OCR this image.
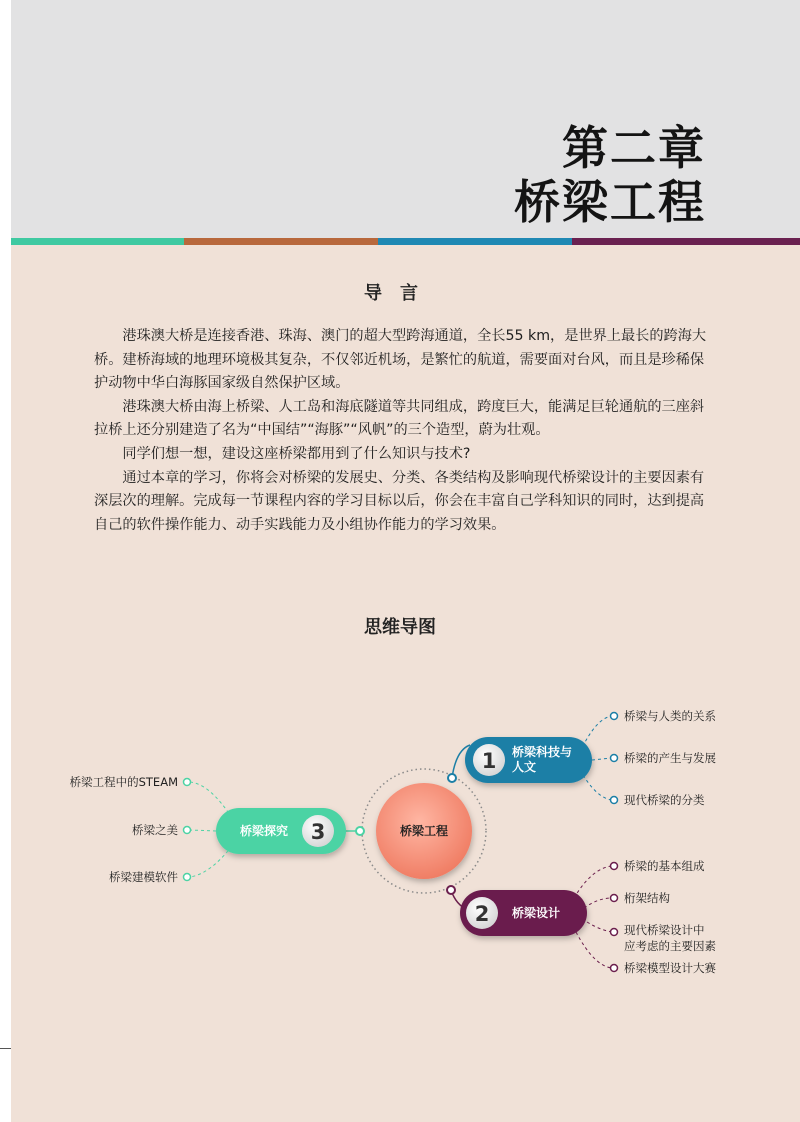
第二章
桥梁工程
导言

港珠澳大桥是连接香港、珠海、澳门的超大型跨海通道，全长55 km，是世界上最长的跨海大桥。建桥海域的地理环境极其复杂，不仅邻近机场，是繁忙的航道，需要面对台风，而且是珍稀保护动物中华白海豚国家级自然保护区域。

港珠澳大桥由海上桥梁、人工岛和海底隧道等共同组成，跨度巨大，能满足巨轮通航的三座斜拉桥上还分别建造了名为“中国结”“海豚”“风帆”的三个造型，蔚为壮观。

同学们想一想，建设这座桥梁都用到了什么知识与技术?

通过本章的学习，你将会对桥梁的发展史、分类、各类结构及影响现代桥梁设计的主要因素有深层次的理解。完成每一节课程内容的学习目标以后，你会在丰富自己学科知识的同时，达到提高自己的软件操作能力、动手实践能力及小组协作能力的学习效果。

思维导图
桥梁工程
1 桥梁科技与
人文
桥梁与人类的关系
桥梁的产生与发展
现代桥梁的分类
2 桥梁设计
桥梁的基本组成
桁架结构
现代桥梁设计中
应考虑的主要因素
桥梁模型设计大赛
3
桥梁探究
桥梁工程中的STEAM
桥梁之美
桥梁建模软件
